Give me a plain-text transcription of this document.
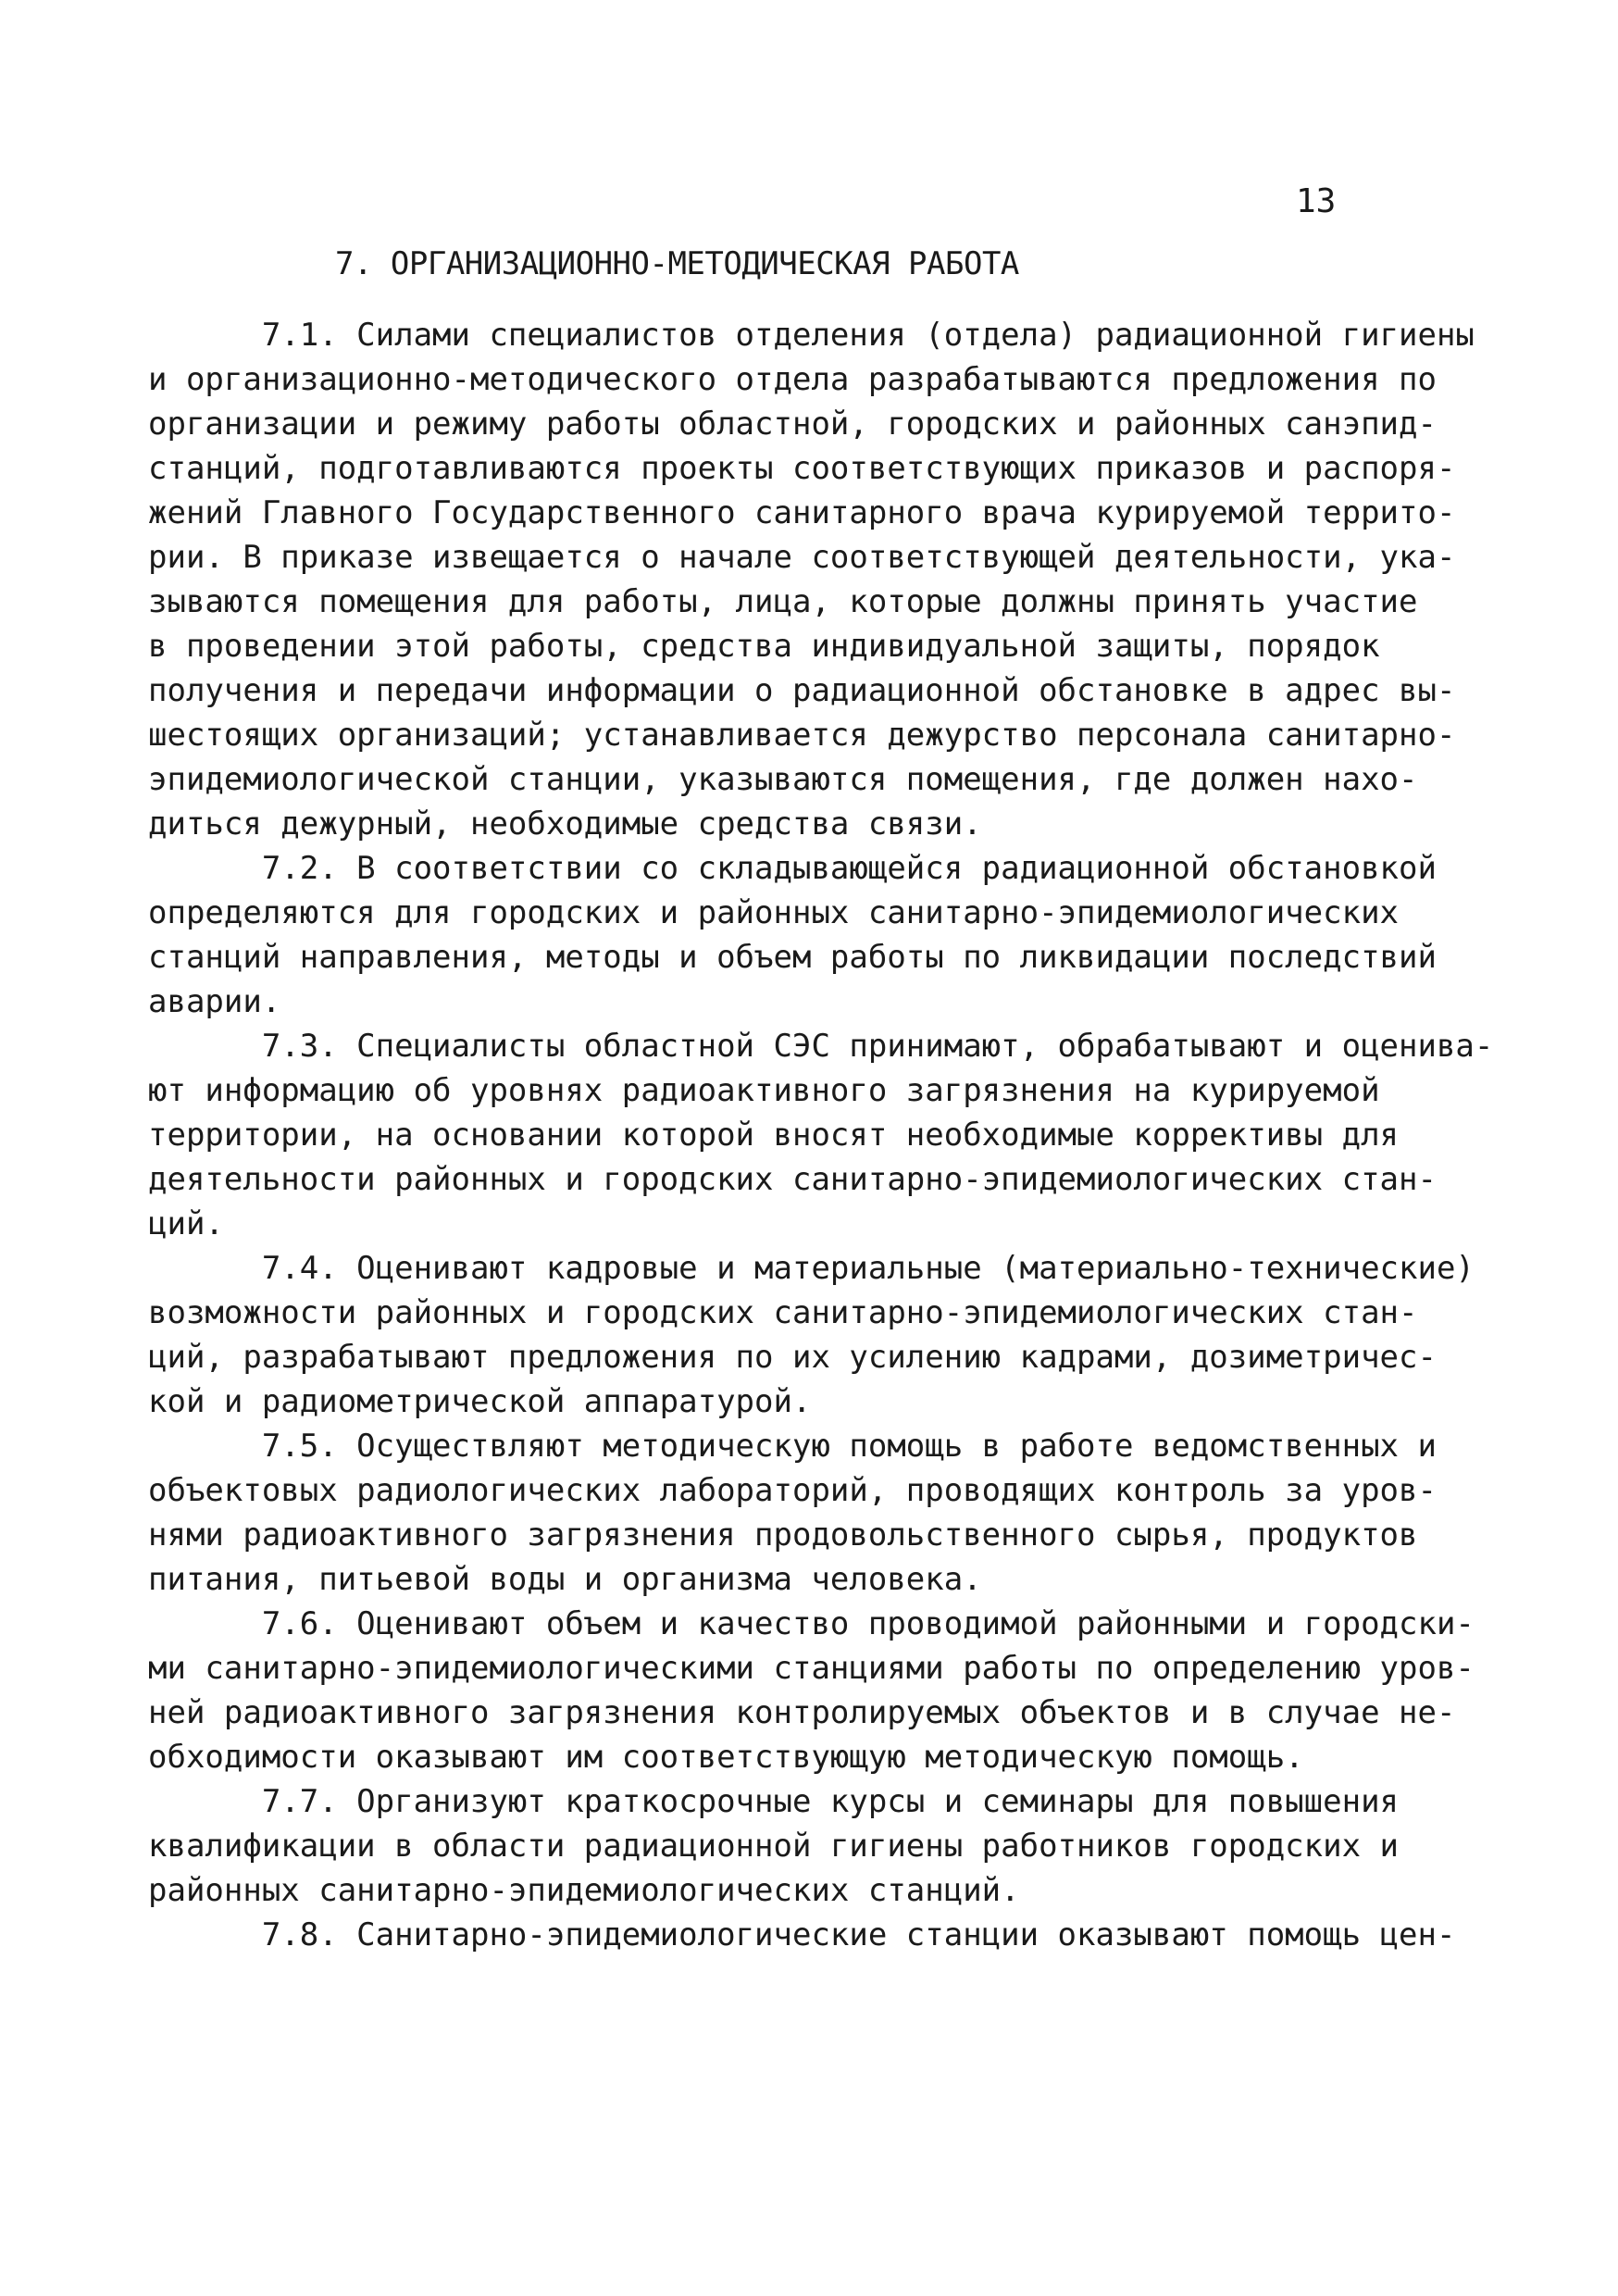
13
7. ОРГАНИЗАЦИОННО-МЕТОДИЧЕСКАЯ РАБОТА
7.1. Силами специалистов отделения (отдела) радиационной гигиены
и организационно-методического отдела разрабатываются предложения по
организации и режиму работы областной, городских и районных санэпид-
станций, подготавливаются проекты соответствующих приказов и распоря-
жений Главного Государственного санитарного врача курируемой террито-
рии. В приказе извещается о начале соответствующей деятельности, ука-
зываются помещения для работы, лица, которые должны принять участие
в проведении этой работы, средства индивидуальной защиты, порядок
получения и передачи информации о радиационной обстановке в адрес вы-
шестоящих организаций; устанавливается дежурство персонала санитарно-
эпидемиологической станции, указываются помещения, где должен нахо-
диться дежурный, необходимые средства связи.
7.2. В соответствии со складывающейся радиационной обстановкой
определяются для городских и районных санитарно-эпидемиологических
станций направления, методы и объем работы по ликвидации последствий
аварии.
7.3. Специалисты областной СЭС принимают, обрабатывают и оценива-
ют информацию об уровнях радиоактивного загрязнения на курируемой
территории, на основании которой вносят необходимые коррективы для
деятельности районных и городских санитарно-эпидемиологических стан-
ций.
7.4. Оценивают кадровые и материальные (материально-технические)
возможности районных и городских санитарно-эпидемиологических стан-
ций, разрабатывают предложения по их усилению кадрами, дозиметричес-
кой и радиометрической аппаратурой.
7.5. Осуществляют методическую помощь в работе ведомственных и
объектовых радиологических лабораторий, проводящих контроль за уров-
нями радиоактивного загрязнения продовольственного сырья, продуктов
питания, питьевой воды и организма человека.
7.6. Оценивают объем и качество проводимой районными и городски-
ми санитарно-эпидемиологическими станциями работы по определению уров-
ней радиоактивного загрязнения контролируемых объектов и в случае не-
обходимости оказывают им соответствующую методическую помощь.
7.7. Организуют краткосрочные курсы и семинары для повышения
квалификации в области радиационной гигиены работников городских и
районных санитарно-эпидемиологических станций.
7.8. Санитарно-эпидемиологические станции оказывают помощь цен-
